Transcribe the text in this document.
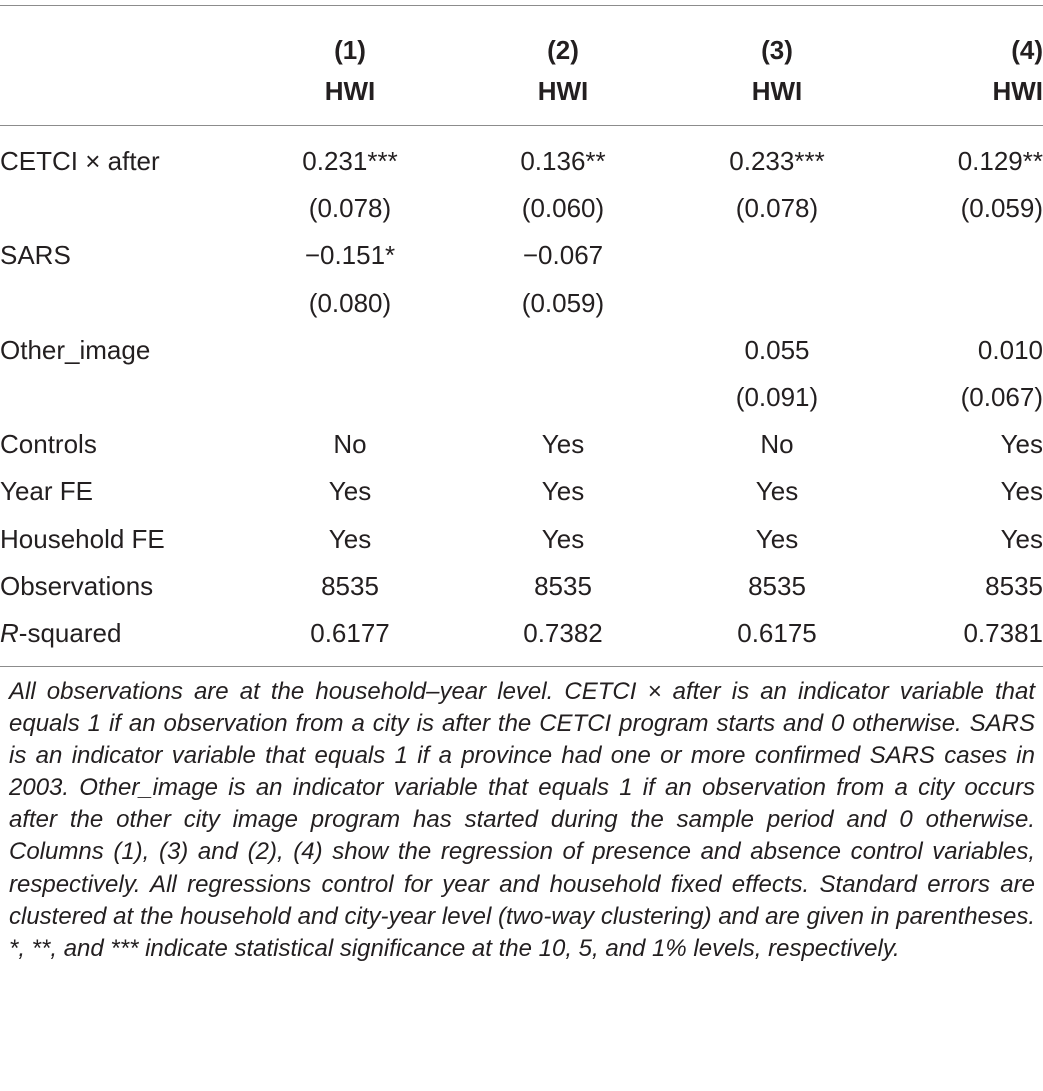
	(1)	(2)	(3)	(4)
	HWI	HWI	HWI	HWI

CETCI × after	0.231***	0.136**	0.233***	0.129**
	(0.078)	(0.060)	(0.078)	(0.059)
SARS	−0.151*	−0.067		
	(0.080)	(0.059)		
Other_image			0.055	0.010
			(0.091)	(0.067)
Controls	No	Yes	No	Yes
Year FE	Yes	Yes	Yes	Yes
Household FE	Yes	Yes	Yes	Yes
Observations	8535	8535	8535	8535
R-squared	0.6177	0.7382	0.6175	0.7381

All observations are at the household–year level. CETCI × after is an indicator variable that equals 1 if an observation from a city is after the CETCI program starts and 0 otherwise. SARS is an indicator variable that equals 1 if a province had one or more confirmed SARS cases in 2003. Other_image is an indicator variable that equals 1 if an observation from a city occurs after the other city image program has started during the sample period and 0 otherwise. Columns (1), (3) and (2), (4) show the regression of presence and absence control variables, respectively. All regressions control for year and household fixed effects. Standard errors are clustered at the household and city-year level (two-way clustering) and are given in parentheses. *, **, and *** indicate statistical significance at the 10, 5, and 1% levels, respectively.
